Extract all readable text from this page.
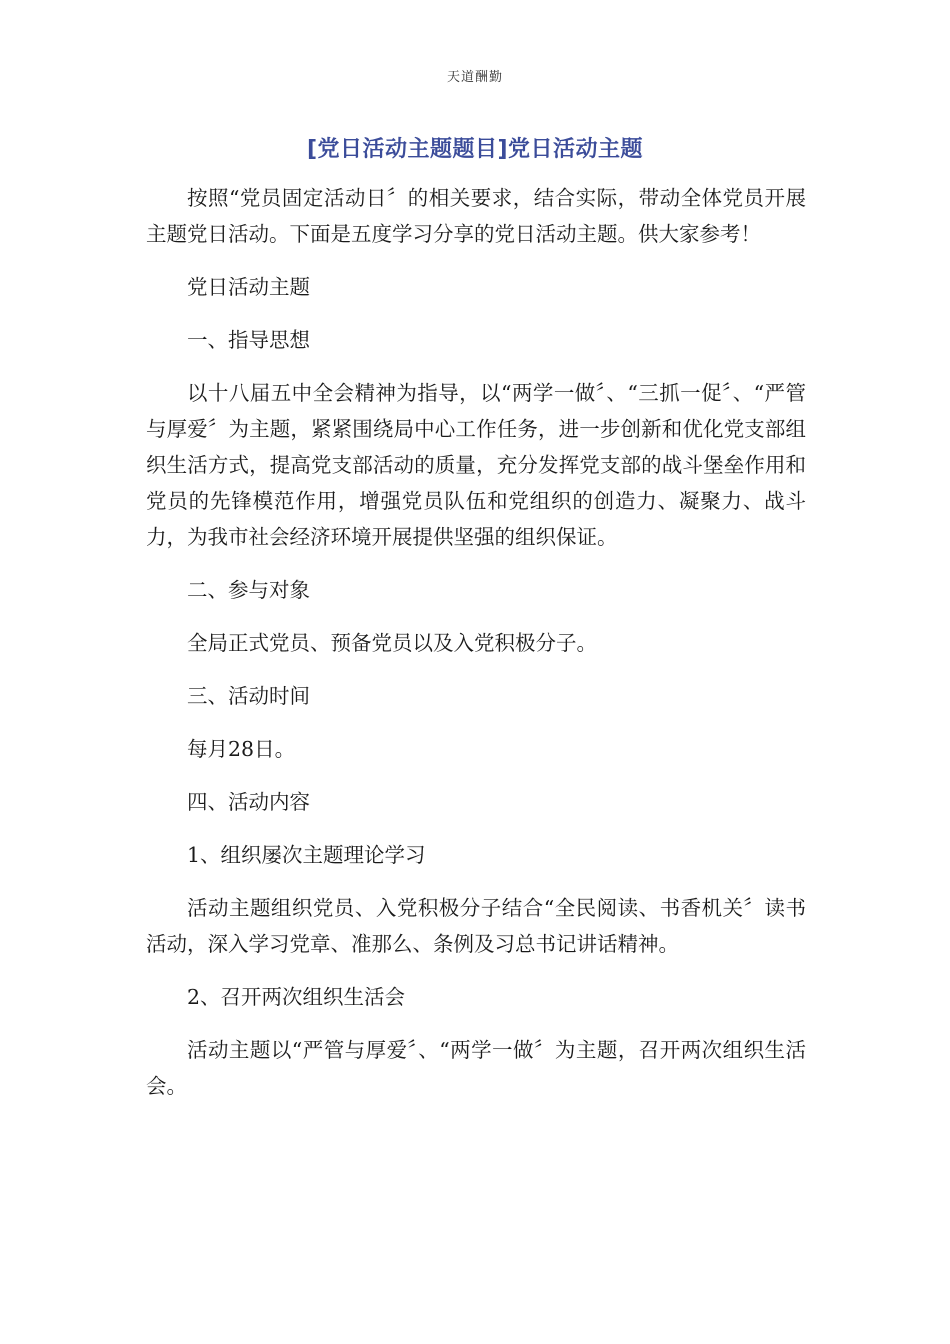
天道酬勤
[党日活动主题题目]党日活动主题

按照“党员固定活动日〞的相关要求，结合实际，带动全体党员开展主题党日活动。下面是五度学习分享的党日活动主题。供大家参考！

党日活动主题

一、指导思想

以十八届五中全会精神为指导，以“两学一做〞、“三抓一促〞、“严管与厚爱〞为主题，紧紧围绕局中心工作任务，进一步创新和优化党支部组织生活方式，提高党支部活动的质量，充分发挥党支部的战斗堡垒作用和党员的先锋模范作用，增强党员队伍和党组织的创造力、凝聚力、战斗力，为我市社会经济环境开展提供坚强的组织保证。

二、参与对象

全局正式党员、预备党员以及入党积极分子。

三、活动时间

每月28日。

四、活动内容

1、组织屡次主题理论学习

活动主题组织党员、入党积极分子结合“全民阅读、书香机关〞读书活动，深入学习党章、准那么、条例及习总书记讲话精神。

2、召开两次组织生活会

活动主题以“严管与厚爱〞、“两学一做〞为主题，召开两次组织生活会。
